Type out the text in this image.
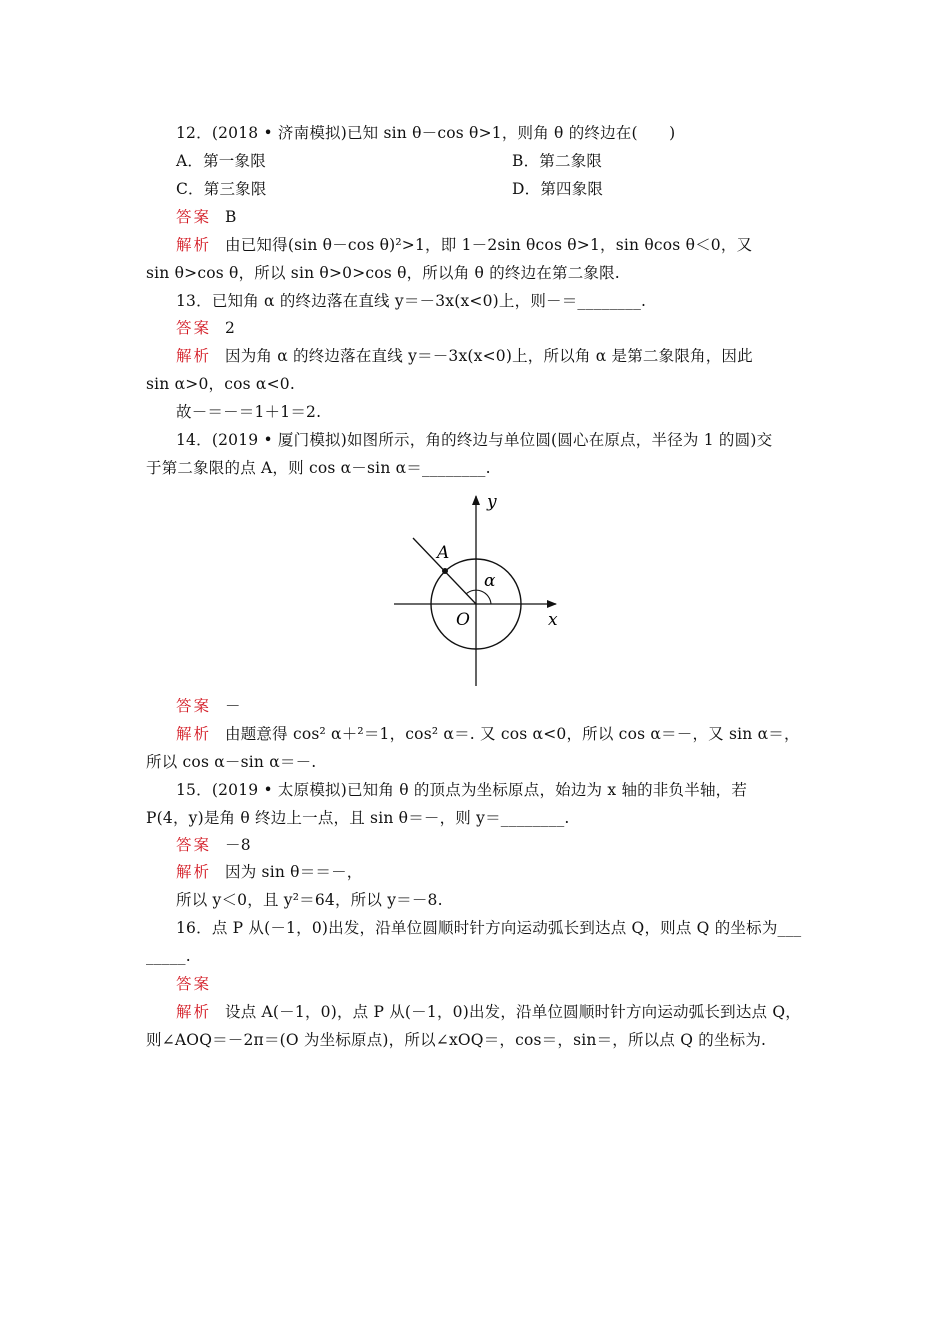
12．(2018 • 济南模拟)已知 sin θ－cos θ>1，则角 θ 的终边在(　　)
A．第一象限	B．第二象限
C．第三象限	D．第四象限
答案 B
解析 由已知得(sin θ－cos θ)²>1，即 1－2sin θcos θ>1，sin θcos θ＜0，又
sin θ>cos θ，所以 sin θ>0>cos θ，所以角 θ 的终边在第二象限.
13．已知角 α 的终边落在直线 y＝－3x(x<0)上，则－＝________.
答案 2
解析 因为角 α 的终边落在直线 y＝－3x(x<0)上，所以角 α 是第二象限角，因此
sin α>0，cos α<0.
故－＝－＝1＋1＝2.
14．(2019 • 厦门模拟)如图所示，角的终边与单位圆(圆心在原点，半径为 1 的圆)交
于第二象限的点 A，则 cos α－sin α＝________.
y
x
O
A
α
答案 －
解析 由题意得 cos² α＋²＝1，cos² α＝. 又 cos α<0，所以 cos α＝－，又 sin α＝，
所以 cos α－sin α＝－.
15．(2019 • 太原模拟)已知角 θ 的顶点为坐标原点，始边为 x 轴的非负半轴，若
P(4，y)是角 θ 终边上一点，且 sin θ＝－，则 y＝________.
答案 －8
解析 因为 sin θ＝＝－，
所以 y＜0，且 y²＝64，所以 y＝－8.
16．点 P 从(－1，0)出发，沿单位圆顺时针方向运动弧长到达点 Q，则点 Q 的坐标为___
_____.
答案
解析 设点 A(－1，0)，点 P 从(－1，0)出发，沿单位圆顺时针方向运动弧长到达点 Q，
则∠AOQ＝－2π＝(O 为坐标原点)，所以∠xOQ＝，cos＝，sin＝，所以点 Q 的坐标为.
